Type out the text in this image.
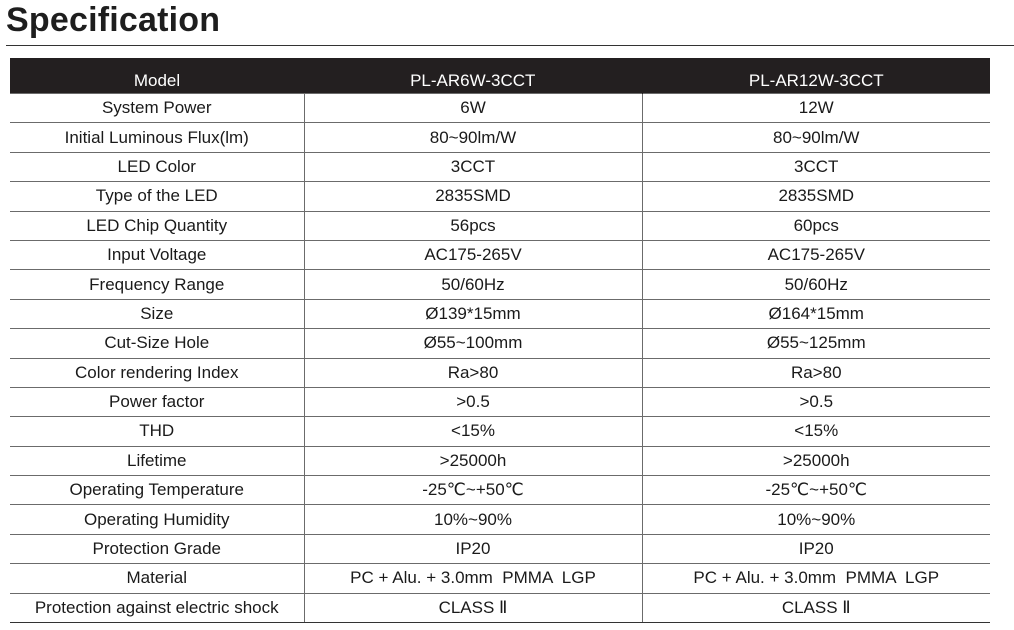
Specification
Model	PL-AR6W-3CCT	PL-AR12W-3CCT
System Power	6W	12W
Initial Luminous Flux(lm)	80~90lm/W	80~90lm/W
LED Color	3CCT	3CCT
Type of the LED	2835SMD	2835SMD
LED Chip Quantity	56pcs	60pcs
Input Voltage	AC175-265V	AC175-265V
Frequency Range	50/60Hz	50/60Hz
Size	Ø139*15mm	Ø164*15mm
Cut-Size Hole	Ø55~100mm	Ø55~125mm
Color rendering Index	Ra>80	Ra>80
Power factor	>0.5	>0.5
THD	<15%	<15%
Lifetime	>25000h	>25000h
Operating Temperature	-25℃~+50℃	-25℃~+50℃
Operating Humidity	10%~90%	10%~90%
Protection Grade	IP20	IP20
Material	PC + Alu. + 3.0mm  PMMA  LGP	PC + Alu. + 3.0mm  PMMA  LGP
Protection against electric shock	CLASS Ⅱ	CLASS Ⅱ
